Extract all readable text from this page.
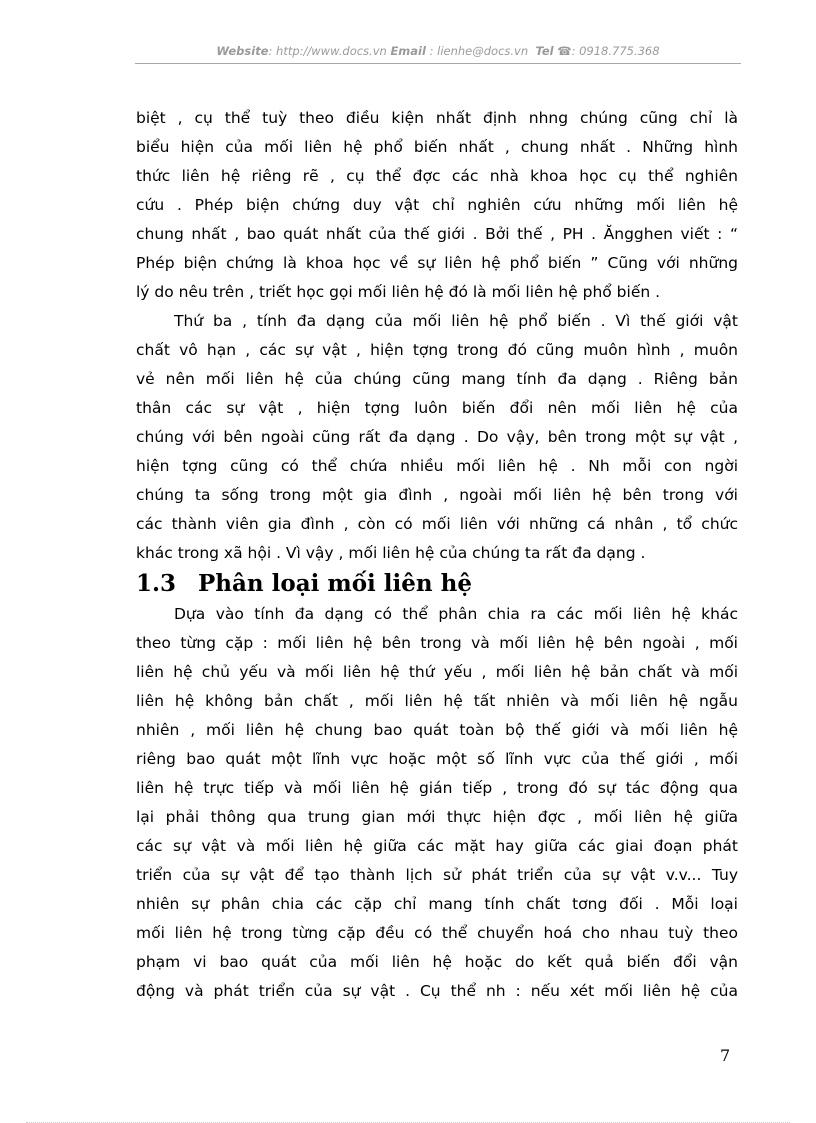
Website: http://www.docs.vn Email : lienhe@docs.vn Tel ☎: 0918.775.368
biệt , cụ thể tuỳ theo điều kiện nhất định nhng chúng cũng chỉ là
biểu hiện của mối liên hệ phổ biến nhất , chung nhất . Những hình
thức liên hệ riêng rẽ , cụ thể đợc các nhà khoa học cụ thể nghiên
cứu . Phép biện chứng duy vật chỉ nghiên cứu những mối liên hệ
chung nhất , bao quát nhất của thế giới . Bởi thế , PH . Ăngghen viết : “
Phép biện chứng là khoa học về sự liên hệ phổ biến ” Cũng với những
lý do nêu trên , triết học gọi mối liên hệ đó là mối liên hệ phổ biến .
Thứ ba , tính đa dạng của mối liên hệ phổ biến . Vì thế giới vật
chất vô hạn , các sự vật , hiện tợng trong đó cũng muôn hình , muôn
vẻ nên mối liên hệ của chúng cũng mang tính đa dạng . Riêng bản
thân các sự vật , hiện tợng luôn biến đổi nên mối liên hệ của
chúng với bên ngoài cũng rất đa dạng . Do vậy, bên trong một sự vật ,
hiện tợng cũng có thể chứa nhiều mối liên hệ . Nh mỗi con ngời
chúng ta sống trong một gia đình , ngoài mối liên hệ bên trong với
các thành viên gia đình , còn có mối liên với những cá nhân , tổ chức
khác trong xã hội . Vì vậy , mối liên hệ của chúng ta rất đa dạng .
1.3 Phân loại mối liên hệ
Dựa vào tính đa dạng có thể phân chia ra các mối liên hệ khác
theo từng cặp : mối liên hệ bên trong và mối liên hệ bên ngoài , mối
liên hệ chủ yếu và mối liên hệ thứ yếu , mối liên hệ bản chất và mối
liên hệ không bản chất , mối liên hệ tất nhiên và mối liên hệ ngẫu
nhiên , mối liên hệ chung bao quát toàn bộ thế giới và mối liên hệ
riêng bao quát một lĩnh vực hoặc một số lĩnh vực của thế giới , mối
liên hệ trực tiếp và mối liên hệ gián tiếp , trong đó sự tác động qua
lại phải thông qua trung gian mới thực hiện đợc , mối liên hệ giữa
các sự vật và mối liên hệ giữa các mặt hay giữa các giai đoạn phát
triển của sự vật để tạo thành lịch sử phát triển của sự vật v.v... Tuy
nhiên sự phân chia các cặp chỉ mang tính chất tơng đối . Mỗi loại
mối liên hệ trong từng cặp đều có thể chuyển hoá cho nhau tuỳ theo
phạm vi bao quát của mối liên hệ hoặc do kết quả biến đổi vận
động và phát triển của sự vật . Cụ thể nh : nếu xét mối liên hệ của
7
